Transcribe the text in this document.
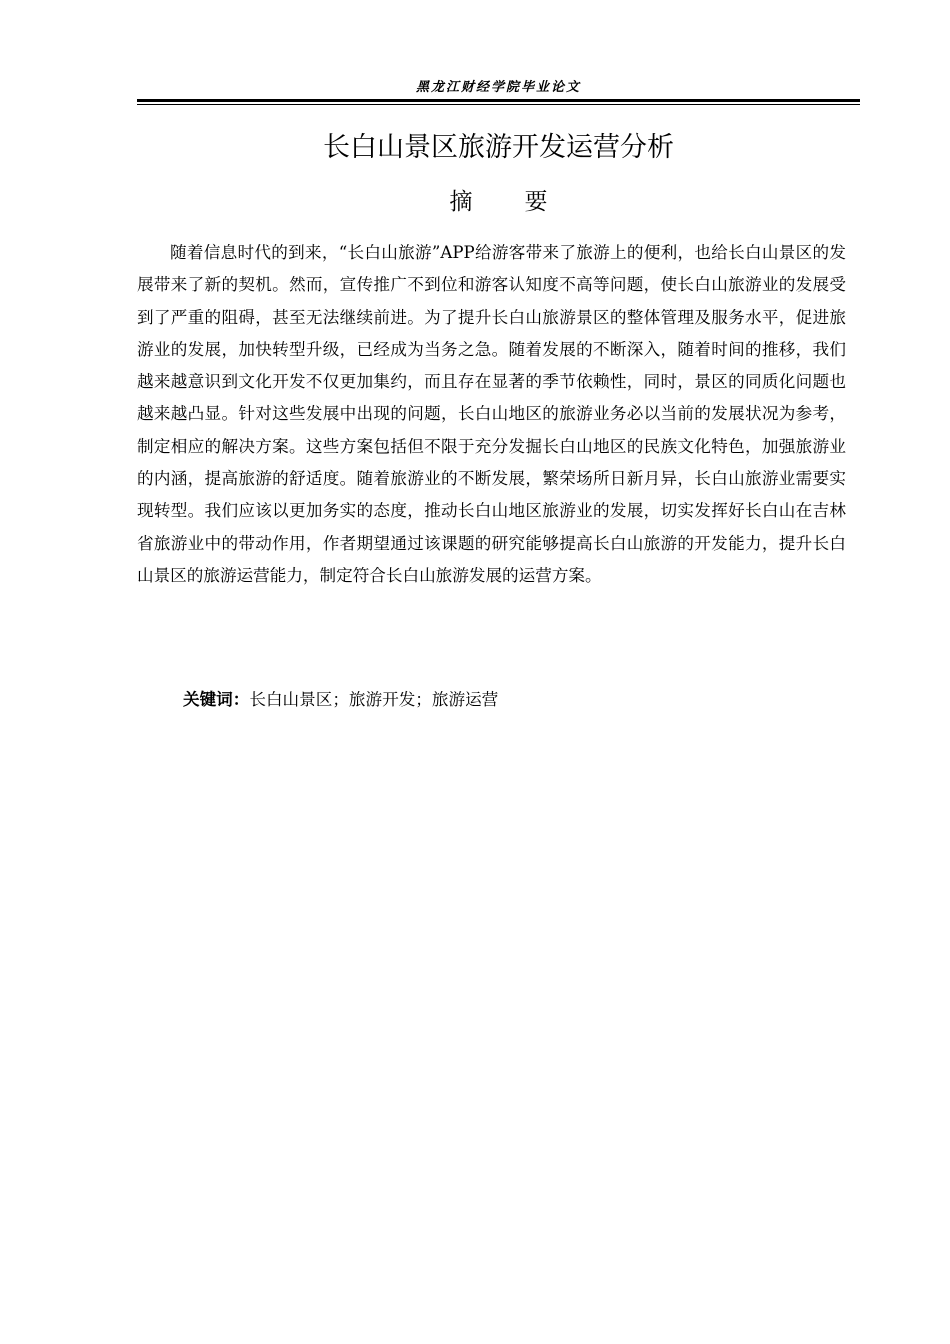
黑龙江财经学院毕业论文
长白山景区旅游开发运营分析
摘要

随着信息时代的到来，“长白山旅游”APP给游客带来了旅游上的便利，也给长白山景区的发展带来了新的契机。然而，宣传推广不到位和游客认知度不高等问题，使长白山旅游业的发展受到了严重的阻碍，甚至无法继续前进。为了提升长白山旅游景区的整体管理及服务水平，促进旅游业的发展，加快转型升级，已经成为当务之急。随着发展的不断深入，随着时间的推移，我们越来越意识到文化开发不仅更加集约，而且存在显著的季节依赖性，同时，景区的同质化问题也越来越凸显。针对这些发展中出现的问题，长白山地区的旅游业务必以当前的发展状况为参考，制定相应的解决方案。这些方案包括但不限于充分发掘长白山地区的民族文化特色，加强旅游业的内涵，提高旅游的舒适度。随着旅游业的不断发展，繁荣场所日新月异，长白山旅游业需要实现转型。我们应该以更加务实的态度，推动长白山地区旅游业的发展，切实发挥好长白山在吉林省旅游业中的带动作用，作者期望通过该课题的研究能够提高长白山旅游的开发能力，提升长白山景区的旅游运营能力，制定符合长白山旅游发展的运营方案。

关键词：长白山景区；旅游开发；旅游运营
